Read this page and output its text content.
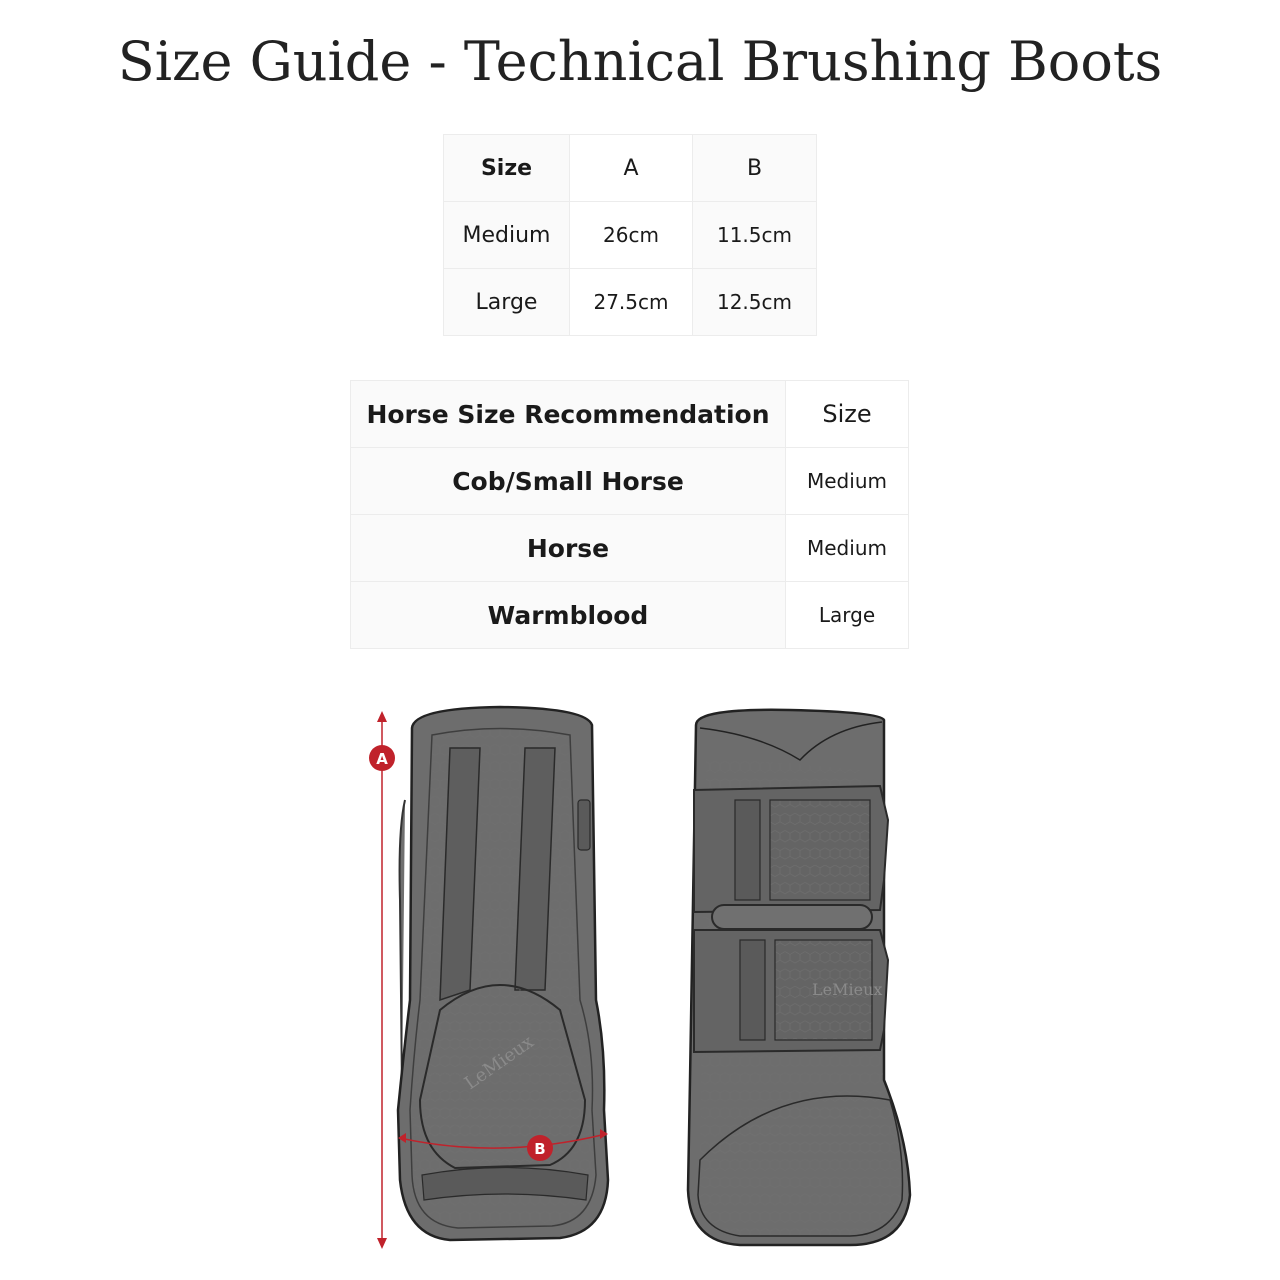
Size Guide - Technical Brushing Boots
Size	A	B
Medium	26cm	11.5cm
Large	27.5cm	12.5cm
Horse Size Recommendation	Size
Cob/Small Horse	Medium
Horse	Medium
Warmblood	Large
LeMieux
A
B
LeMieux
